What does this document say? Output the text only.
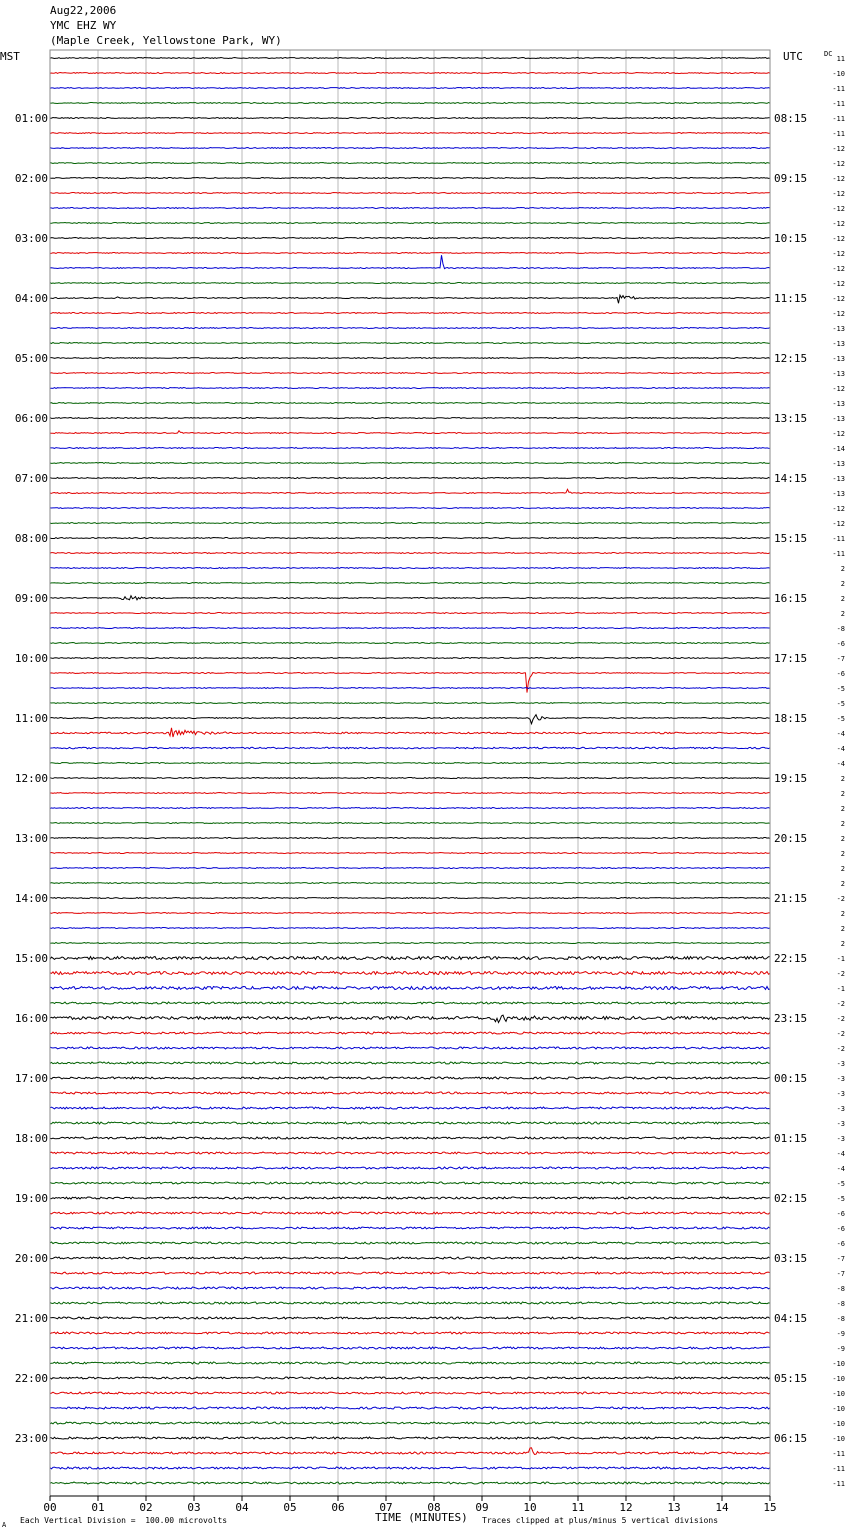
11
-10
-11
-11
-11
-11
-12
-12
-12
-12
-12
-12
-12
-12
-12
-12
-12
-12
-13
-13
-13
-13
-12
-13
-13
-12
-14
-13
-13
-13
-12
-12
-11
-11
2
2
2
2
-8
-6
-7
-6
-5
-5
-5
-4
-4
-4
2
2
2
2
2
2
2
2
-2
2
2
2
-1
-2
-1
-2
-2
-2
-2
-3
-3
-3
-3
-3
-3
-4
-4
-5
-5
-6
-6
-6
-7
-7
-8
-8
-8
-9
-9
-10
-10
-10
-10
-10
-10
-11
-11
-11
01:00	08:15
02:00	09:15
03:00	10:15
04:00	11:15
05:00	12:15
06:00	13:15
07:00	14:15
08:00	15:15
09:00	16:15
10:00	17:15
11:00	18:15
12:00	19:15
13:00	20:15
14:00	21:15
15:00	22:15
16:00	23:15
17:00	00:15
18:00	01:15
19:00	02:15
20:00	03:15
21:00	04:15
22:00	05:15
23:00	06:15
00	01	02	03	04	05	06	07	08	09	10	11	12	13	14	15
Aug22,2006
YMC EHZ WY
(Maple Creek, Yellowstone Park, WY)
MST	UTC	DC
A Each Vertical Division =  100.00 microvolts	TIME (MINUTES) Traces clipped at plus/minus 5 vertical divisions
